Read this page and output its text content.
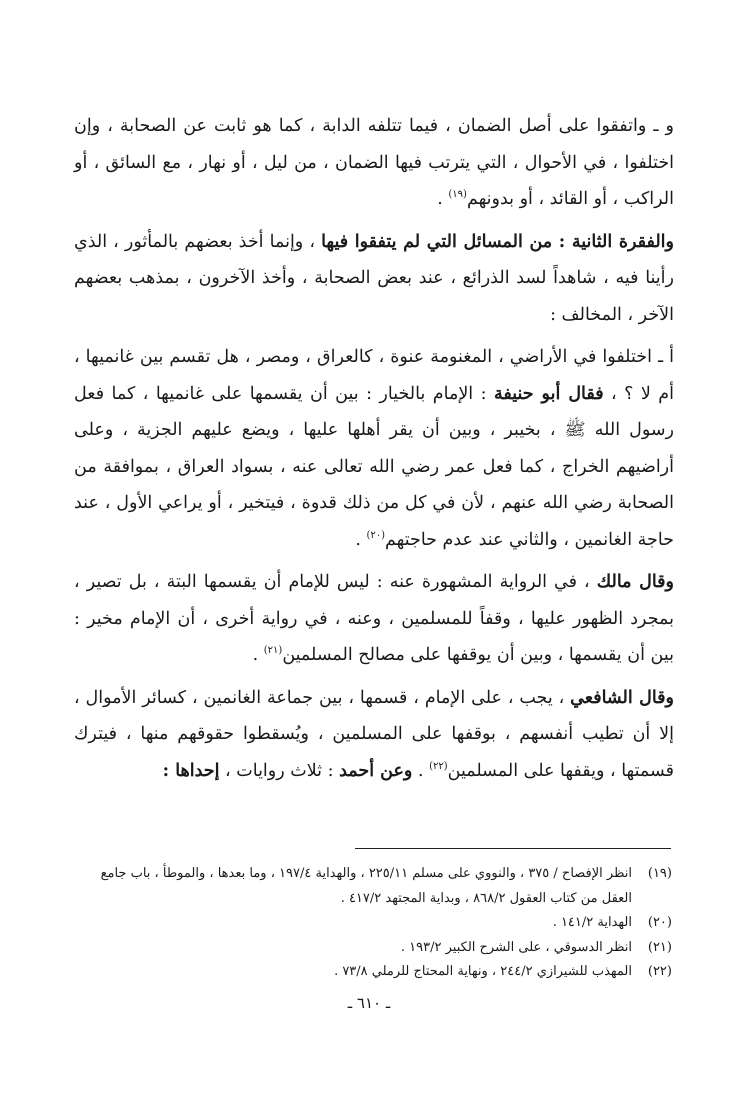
و ـ واتفقوا على أصل الضمان ، فيما تتلفه الدابة ، كما هو ثابت عن الصحابة ، وإن اختلفوا ، في الأحوال ، التي يترتب فيها الضمان ، من ليل ، أو نهار ، مع السائق ، أو الراكب ، أو القائد ، أو بدونهم$^{(١٩)}$ .

والفقرة الثانية : من المسائل التي لم يتفقوا فيها ، وإنما أخذ بعضهم بالمأثور ، الذي رأينا فيه ، شاهداً لسد الذرائع ، عند بعض الصحابة ، وأخذ الآخرون ، بمذهب بعضهم الآخر ، المخالف :

أ ـ اختلفوا في الأراضي ، المغنومة عنوة ، كالعراق ، ومصر ، هل تقسم بين غانميها ، أم لا ؟ ، فقال أبو حنيفة : الإمام بالخيار : بين أن يقسمها على غانميها ، كما فعل رسول الله ﷺ ، بخيبر ، وبين أن يقر أهلها عليها ، ويضع عليهم الجزية ، وعلى أراضيهم الخراج ، كما فعل عمر رضي الله تعالى عنه ، بسواد العراق ، بموافقة من الصحابة رضي الله عنهم ، لأن في كل من ذلك قدوة ، فيتخير ، أو يراعي الأول ، عند حاجة الغانمين ، والثاني عند عدم حاجتهم$^{(٢٠)}$ .

وقال مالك ، في الرواية المشهورة عنه : ليس للإمام أن يقسمها البتة ، بل تصير ، بمجرد الظهور عليها ، وقفاً للمسلمين ، وعنه ، في رواية أخرى ، أن الإمام مخير : بين أن يقسمها ، وبين أن يوقفها على مصالح المسلمين$^{(٢١)}$ .

وقال الشافعي ، يجب ، على الإمام ، قسمها ، بين جماعة الغانمين ، كسائر الأموال ، إلا أن تطيب أنفسهم ، بوقفها على المسلمين ، ويُسقطوا حقوقهم منها ، فيترك قسمتها ، ويقفها على المسلمين$^{(٢٢)}$ . وعن أحمد : ثلاث روايات ، إحداها :

(١٩)
انظر الإفصاح / ٣٧٥ ، والنووي على مسلم ٢٢٥/١١ ، والهداية ١٩٧/٤ ، وما بعدها ، والموطأ ، باب جامع العقل من كتاب العقول ٨٦٨/٢ ، وبداية المجتهد ٤١٧/٢ .
(٢٠)
الهداية ١٤١/٢ .
(٢١)
انظر الدسوقي ، على الشرح الكبير ١٩٣/٢ .
(٢٢)
المهذب للشيرازي ٢٤٤/٢ ، ونهاية المحتاج للرملي ٧٣/٨ .
ـ ٦١٠ ـ
